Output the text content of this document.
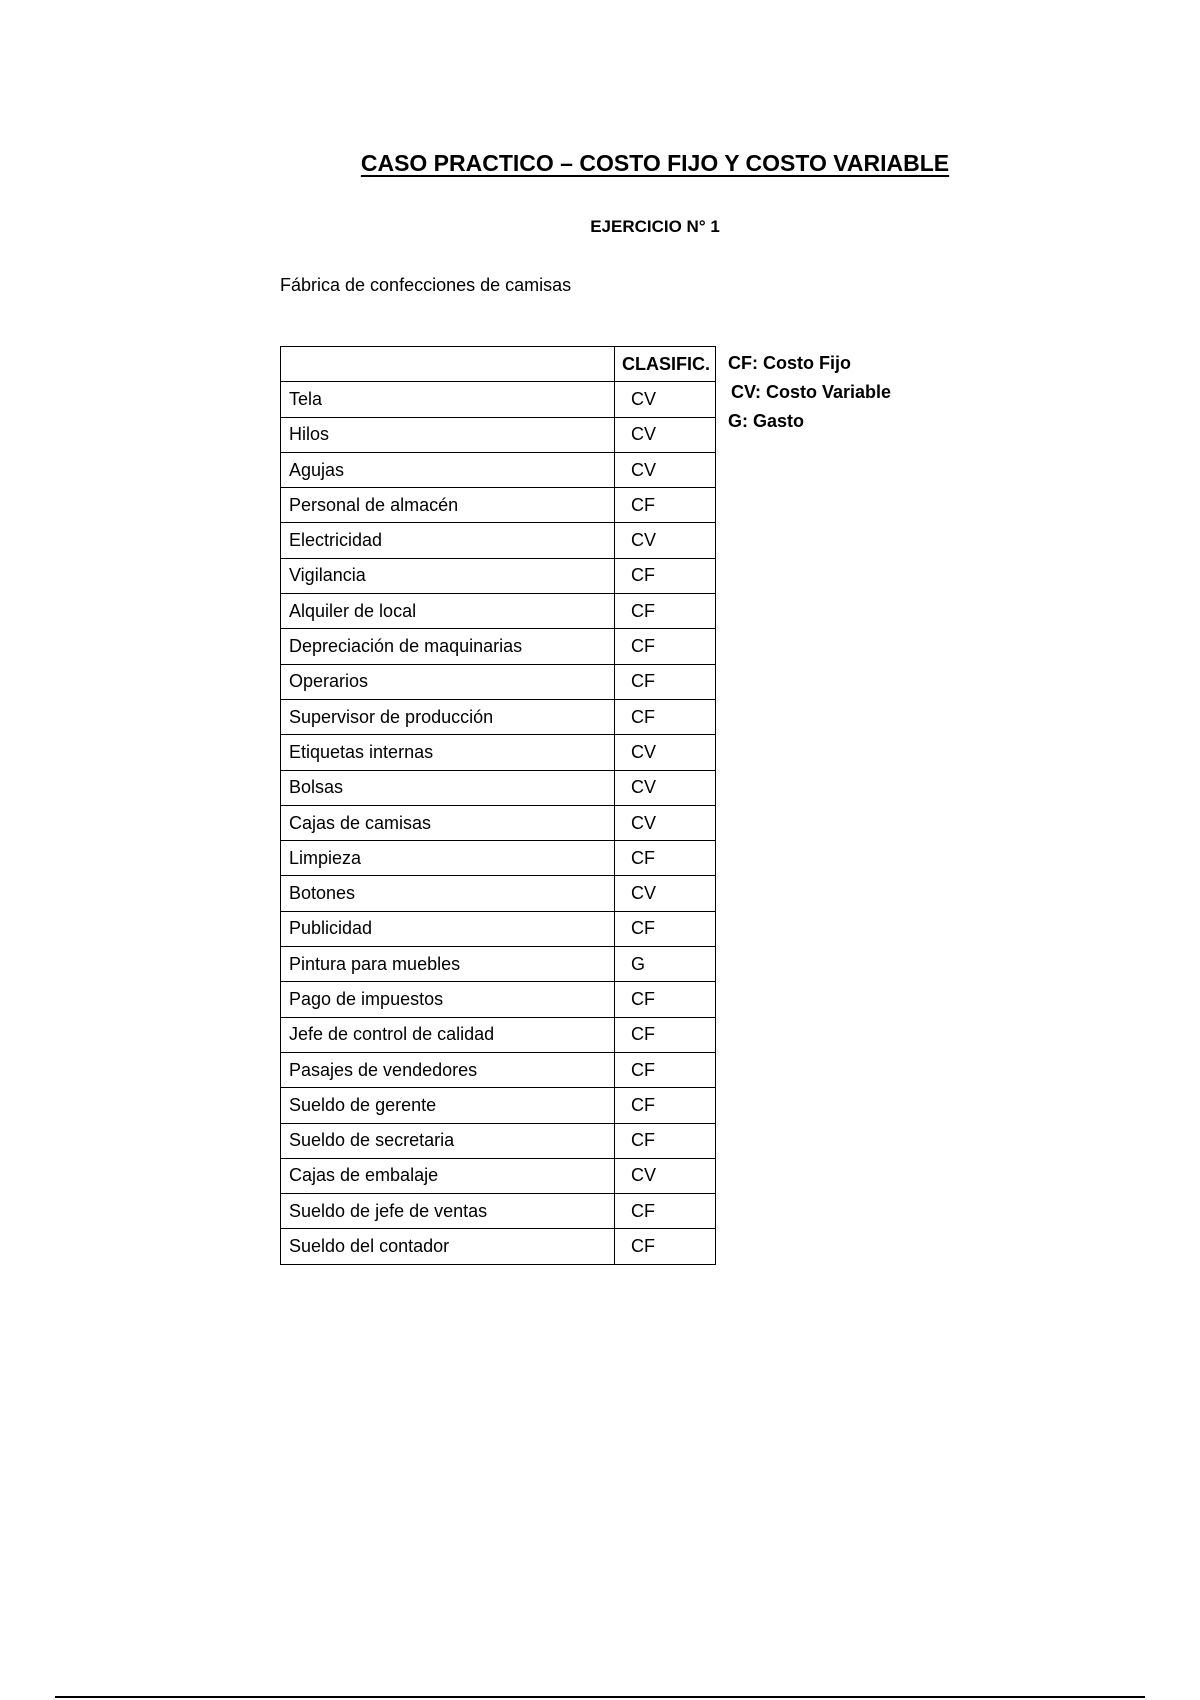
CASO PRACTICO – COSTO FIJO Y COSTO VARIABLE
EJERCICIO N° 1
Fábrica de confecciones de camisas
	CLASIFIC.
Tela	CV
Hilos	CV
Agujas	CV
Personal de almacén	CF
Electricidad	CV
Vigilancia	CF
Alquiler de local	CF
Depreciación de maquinarias	CF
Operarios	CF
Supervisor de producción	CF
Etiquetas internas	CV
Bolsas	CV
Cajas de camisas	CV
Limpieza	CF
Botones	CV
Publicidad	CF
Pintura para muebles	G
Pago de impuestos	CF
Jefe de control de calidad	CF
Pasajes de vendedores	CF
Sueldo de gerente	CF
Sueldo de secretaria	CF
Cajas de embalaje	CV
Sueldo de jefe de ventas	CF
Sueldo del contador	CF
CF: Costo Fijo
CV: Costo Variable
G: Gasto
